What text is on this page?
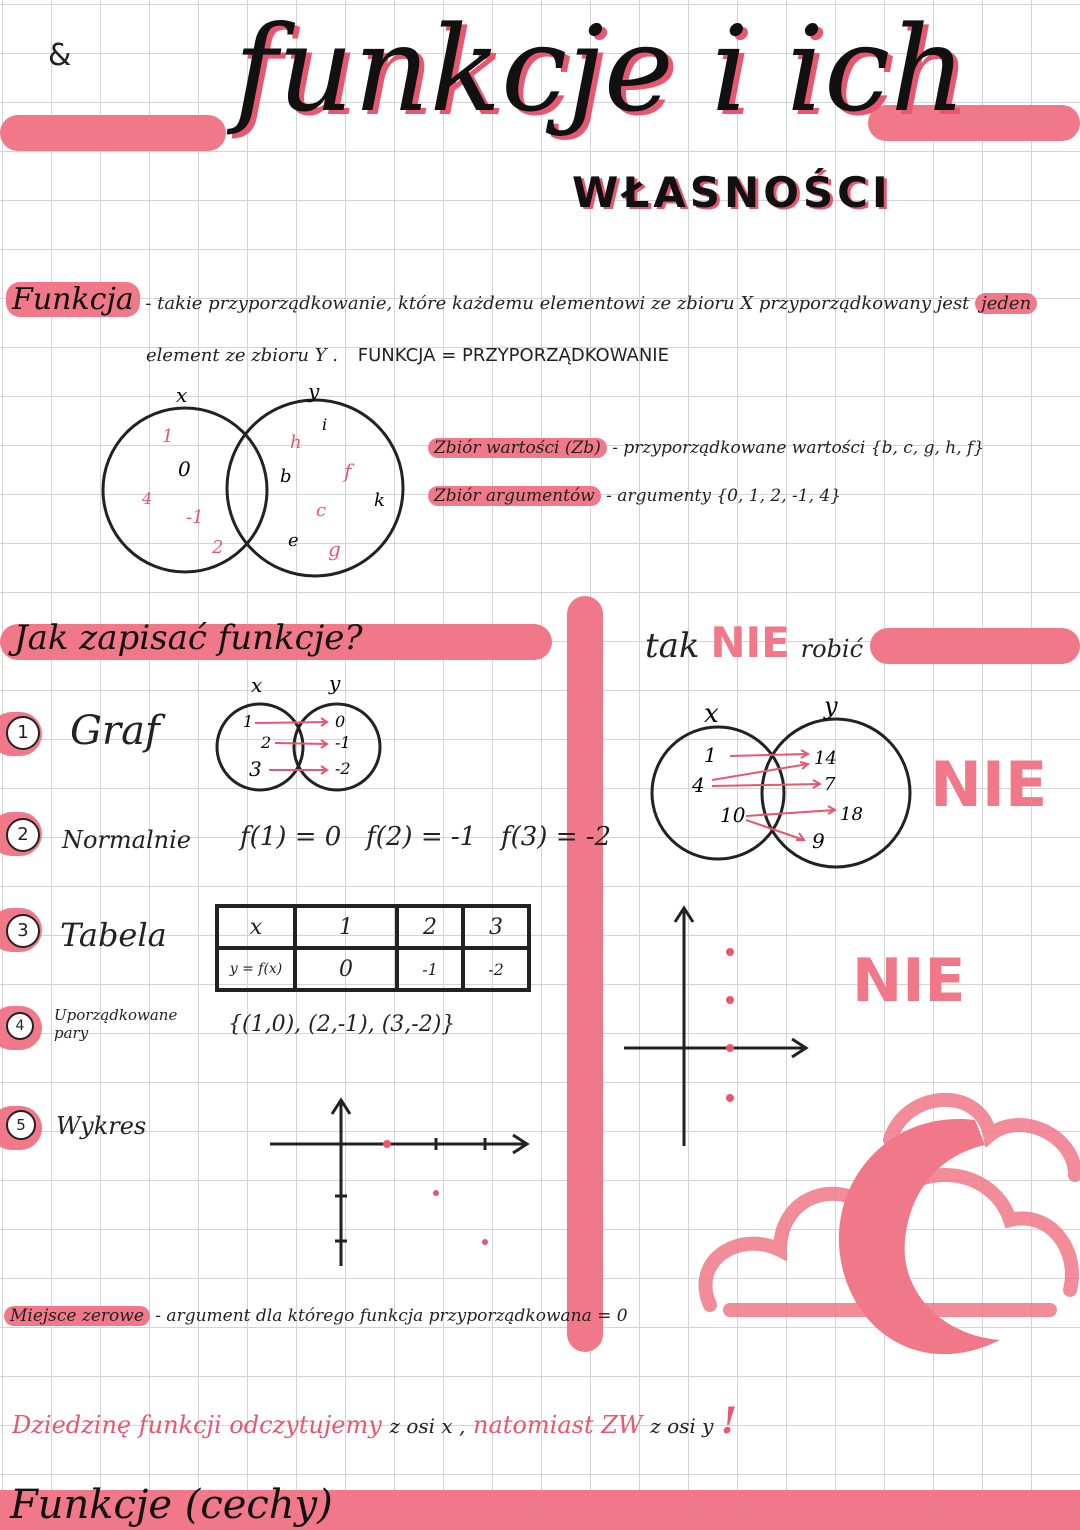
& funkcje i ich
WŁASNOŚCI
Funkcja - takie przyporządkowanie, które każdemu elementowi ze zbioru X przyporządkowany jest jeden
element ze zbioru Y . FUNKCJA = PRZYPORZĄDKOWANIE
x	y
1
0
4
-1
2
i
h
b	f
k
c
e g
Zbiór wartości (Zb) - przyporządkowane wartości {b, c, g, h, f}
Zbiór argumentów - argumenty {0, 1, 2, -1, 4}
Jak zapisać funkcje?
1 Graf
x	y
1
2
3
0
-1
-2
2	Normalnie f(1) = 0   f(2) = -1   f(3) = -2
3 Tabela	x	1	2	3
y = f(x)	0	-1	-2
4
Uporządkowane pary	{(1,0), (2,-1), (3,-2)}
5	Wykres
tak NIE robić
x	y
1
4
10
14
7
18
9
NIE
NIE
Miejsce zerowe - argument dla którego funkcja przyporządkowana = 0
Dziedzinę funkcji odczytujemy z osi x , natomiast ZW z osi y !
Funkcje (cechy)
